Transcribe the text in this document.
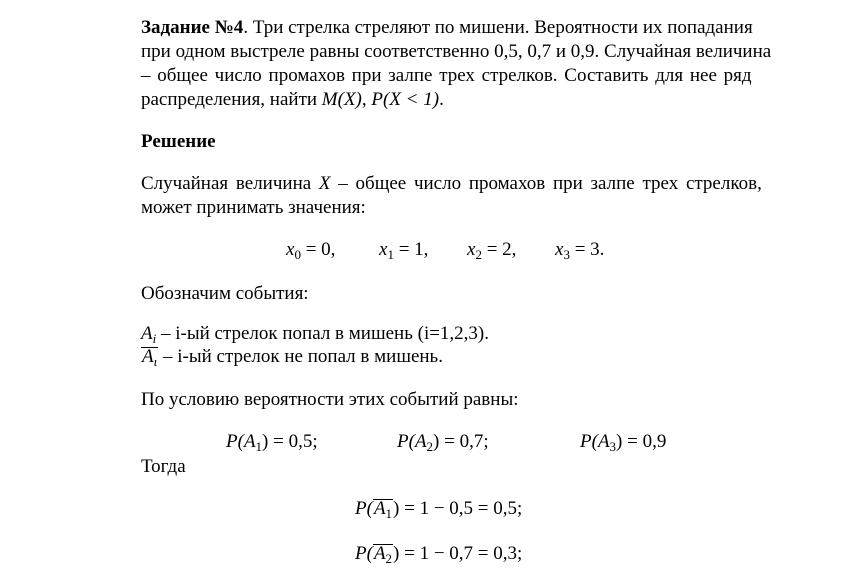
Задание №4. Три стрелка стреляют по мишени. Вероятности их попадания
при одном выстреле равны соответственно 0,5, 0,7 и 0,9. Случайная величина
– общее число промахов при залпе трех стрелков. Составить для нее ряд
распределения, найти M(X), P(X < 1).
Решение
Случайная величина X – общее число промахов при залпе трех стрелков,
может принимать значения:
$x_0 = 0$, $x_1 = 1$, $x_2 = 2$, $x_3 = 3$.
Обозначим события:
$A_i - i-ый$ стрелок попал в мишень (i=1,2,3).
$A_\iota - i-ый$ стрелок не попал в мишень.
По условию вероятности этих событий равны:
$P(A_1) = 0,5$;	$P(A_2) = 0,7$;	$P(A_3) = 0,9$
Тогда
$P(A_1) = 1 - 0,5 = 0,5$;
$P(A_2) = 1 - 0,7 = 0,3$;
